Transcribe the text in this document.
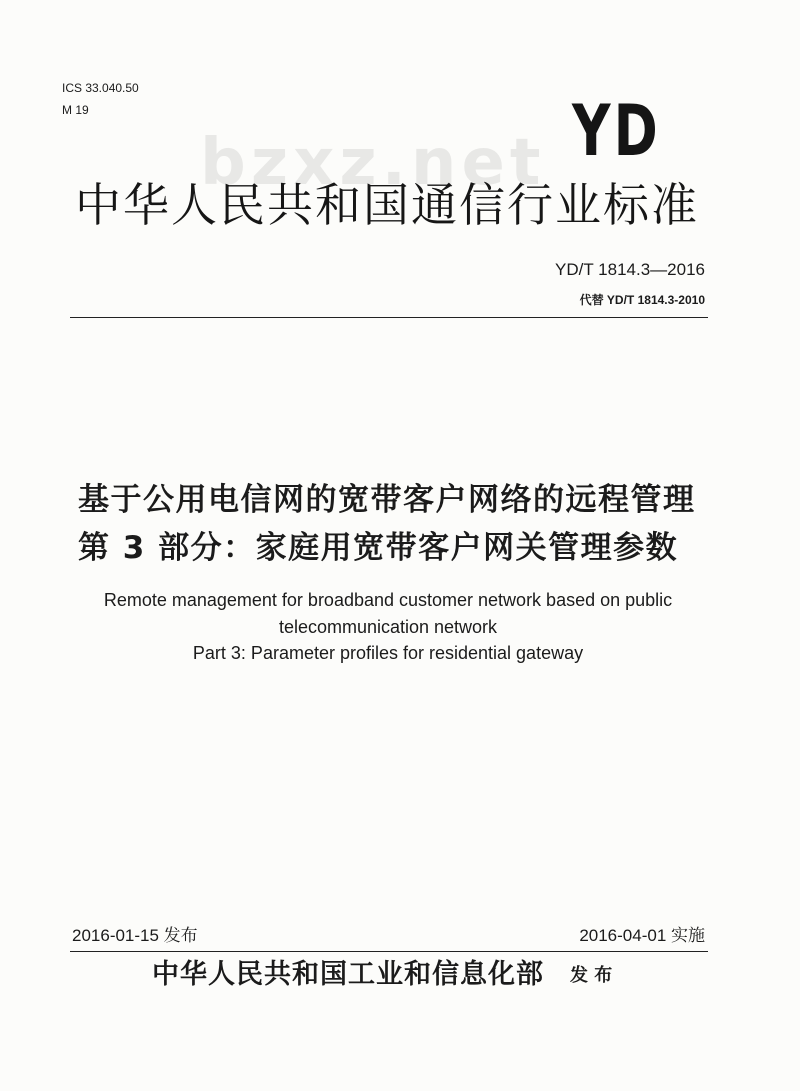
ICS 33.040.50
M 19
bzxz.net YD
中华人民共和国通信行业标准
YD/T 1814.3—2016
代替 YD/T 1814.3-2010
基于公用电信网的宽带客户网络的远程管理
第 3 部分：家庭用宽带客户网关管理参数
Remote management for broadband customer network based on public
telecommunication network
Part 3: Parameter profiles for residential gateway
2016-01-15 发布	2016-04-01 实施
中华人民共和国工业和信息化部 发 布
